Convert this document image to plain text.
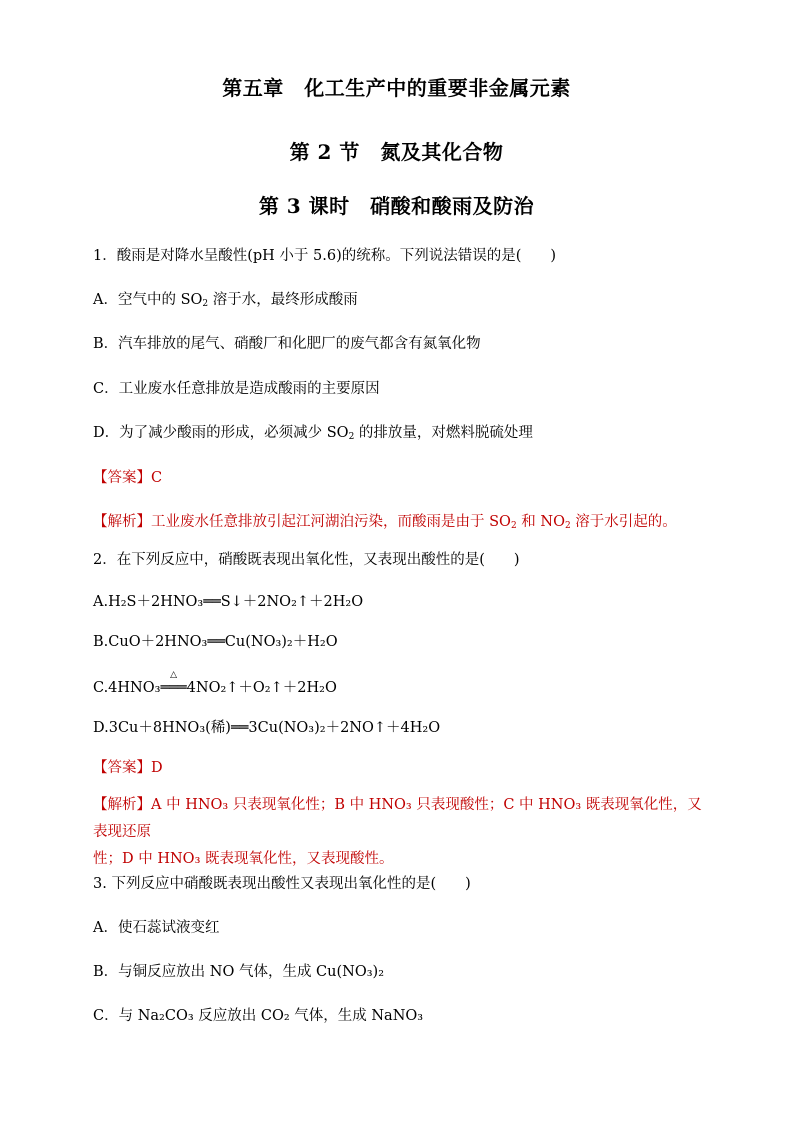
第五章　化工生产中的重要非金属元素
第 2 节　氮及其化合物
第 3 课时　硝酸和酸雨及防治
1．酸雨是对降水呈酸性(pH 小于 5.6)的统称。下列说法错误的是(　　)
A．空气中的 $SO_2$ 溶于水，最终形成酸雨
B．汽车排放的尾气、硝酸厂和化肥厂的废气都含有氮氧化物
C．工业废水任意排放是造成酸雨的主要原因
D．为了减少酸雨的形成，必须减少 $SO_2$ 的排放量，对燃料脱硫处理
【答案】C
【解析】工业废水任意排放引起江河湖泊污染，而酸雨是由于 $SO_2$ 和 $NO_2$ 溶于水引起的。
2．在下列反应中，硝酸既表现出氧化性，又表现出酸性的是(　　)
A.H₂S＋2HNO₃══S↓＋2NO₂↑＋2H₂O
B.CuO＋2HNO₃══Cu(NO₃)₂＋H₂O
C.4HNO₃
△
═══4NO₂↑＋O₂↑＋2H₂O
D.3Cu＋8HNO₃(稀)══3Cu(NO₃)₂＋2NO↑＋4H₂O
【答案】D
【解析】A 中 HNO₃ 只表现氧化性；B 中 HNO₃ 只表现酸性；C 中 HNO₃ 既表现氧化性，又表现还原
性；D 中 HNO₃ 既表现氧化性，又表现酸性。
3. 下列反应中硝酸既表现出酸性又表现出氧化性的是(　　)
A．使石蕊试液变红
B．与铜反应放出 NO 气体，生成 Cu(NO₃)₂
C．与 Na₂CO₃ 反应放出 CO₂ 气体，生成 NaNO₃
